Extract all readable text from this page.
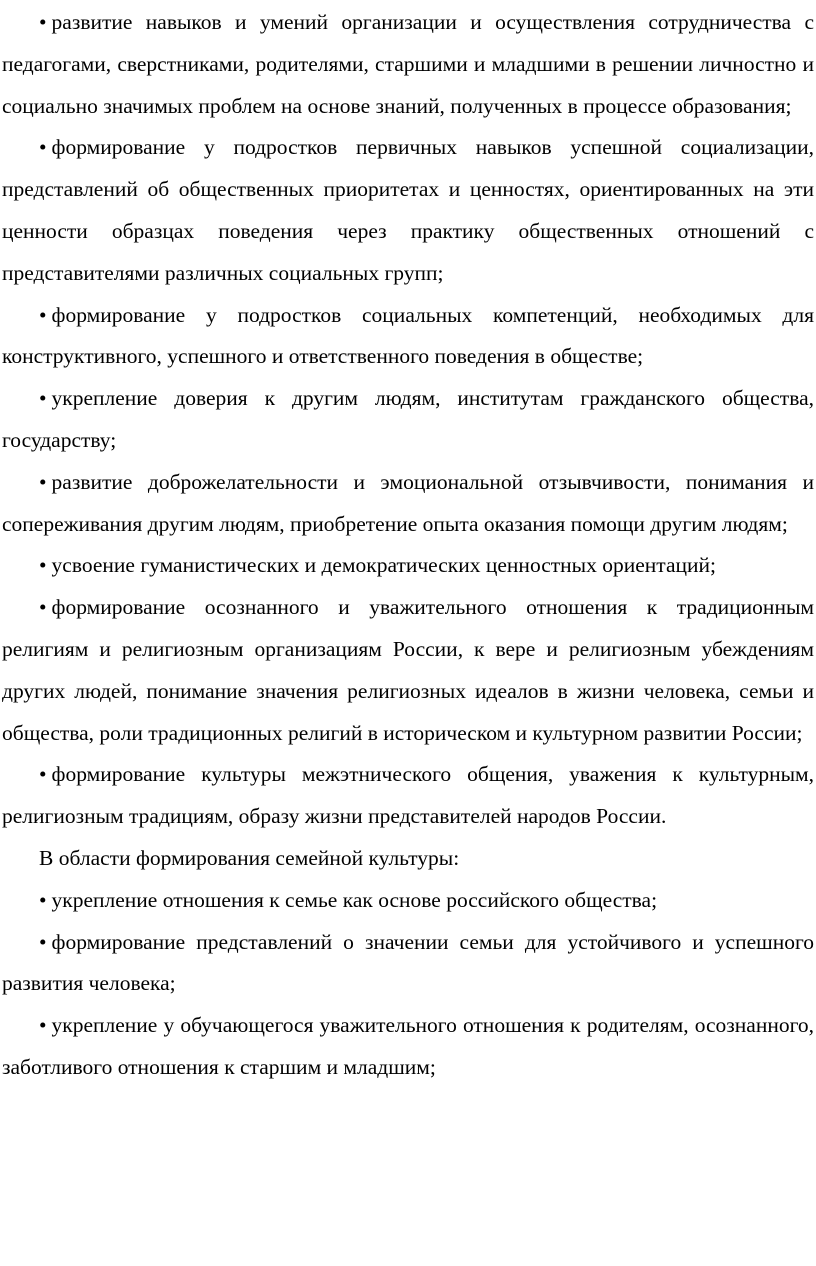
• развитие навыков и умений организации и осуществления сотрудничества с педагогами, сверстниками, родителями, старшими и младшими в решении личностно и социально значимых проблем на основе знаний, полученных в процессе образования;

• формирование у подростков первичных навыков успешной социализации, представлений об общественных приоритетах и ценностях, ориентированных на эти ценности образцах поведения через практику общественных отношений с представителями различных социальных групп;

• формирование у подростков социальных компетенций, необходимых для конструктивного, успешного и ответственного поведения в обществе;

• укрепление доверия к другим людям, институтам гражданского общества, государству;

• развитие доброжелательности и эмоциональной отзывчивости, понимания и сопереживания другим людям, приобретение опыта оказания помощи другим людям;

• усвоение гуманистических и демократических ценностных ориентаций;

• формирование осознанного и уважительного отношения к традиционным религиям и религиозным организациям России, к вере и религиозным убеждениям других людей, понимание значения религиозных идеалов в жизни человека, семьи и общества, роли традиционных религий в историческом и культурном развитии России;

• формирование культуры межэтнического общения, уважения к культурным, религиозным традициям, образу жизни представителей народов России.

В области формирования семейной культуры:

• укрепление отношения к семье как основе российского общества;

• формирование представлений о значении семьи для устойчивого и успешного развития человека;

• укрепление у обучающегося уважительного отношения к родителям, осознанного, заботливого отношения к старшим и младшим;
